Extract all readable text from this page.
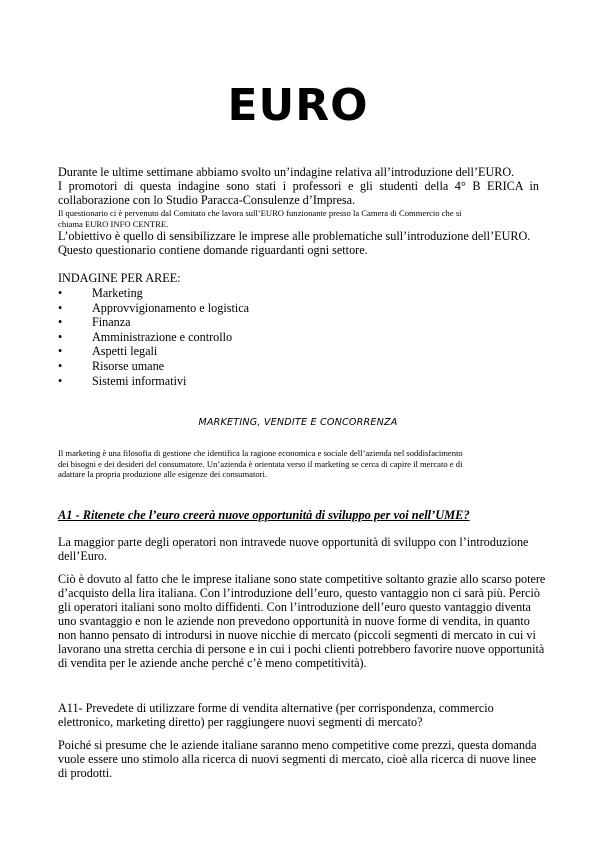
EURO
Durante le ultime settimane abbiamo svolto un’indagine relativa all’introduzione dell’EURO.
I promotori di questa indagine sono stati i professori e gli studenti della 4° B ERICA in
collaborazione con lo Studio Paracca-Consulenze d’Impresa.
Il questionario ci è pervenuto dal Comitato che lavora sull’EURO funzionante presso la Camera di Commercio che si
chiama EURO INFO CENTRE.
L’obiettivo è quello di sensibilizzare le imprese alle problematiche sull’introduzione dell’EURO.
Questo questionario contiene domande riguardanti ogni settore.
INDAGINE PER AREE:
• Marketing
• Approvvigionamento e logistica
• Finanza
• Amministrazione e controllo
• Aspetti legali
• Risorse umane
• Sistemi informativi
MARKETING, VENDITE E CONCORRENZA
Il marketing è una filosofia di gestione che identifica la ragione economica e sociale dell’azienda nel soddisfacimento
dei bisogni e dei desideri del consumatore. Un’azienda è orientata verso il marketing se cerca di capire il mercato e di
adattare la propria produzione alle esigenze dei consumatori.
A1 - Ritenete che l’euro creerà nuove opportunità di sviluppo per voi nell’UME?
La maggior parte degli operatori non intravede nuove opportunità di sviluppo con l’introduzione
dell’Euro.
Ciò è dovuto al fatto che le imprese italiane sono state competitive soltanto grazie allo scarso potere
d’acquisto della lira italiana. Con l’introduzione dell’euro, questo vantaggio non ci sarà più. Perciò
gli operatori italiani sono molto diffidenti. Con l’introduzione dell’euro questo vantaggio diventa
uno svantaggio e non le aziende non prevedono opportunità in nuove forme di vendita, in quanto
non hanno pensato di introdursi in nuove nicchie di mercato (piccoli segmenti di mercato in cui vi
lavorano una stretta cerchia di persone e in cui i pochi clienti potrebbero favorire nuove opportunità
di vendita per le aziende anche perché c’è meno competitività).
A11- Prevedete di utilizzare forme di vendita alternative (per corrispondenza, commercio
elettronico, marketing diretto) per raggiungere nuovi segmenti di mercato?
Poiché si presume che le aziende italiane saranno meno competitive come prezzi, questa domanda
vuole essere uno stimolo alla ricerca di nuovi segmenti di mercato, cioè alla ricerca di nuove linee
di prodotti.
